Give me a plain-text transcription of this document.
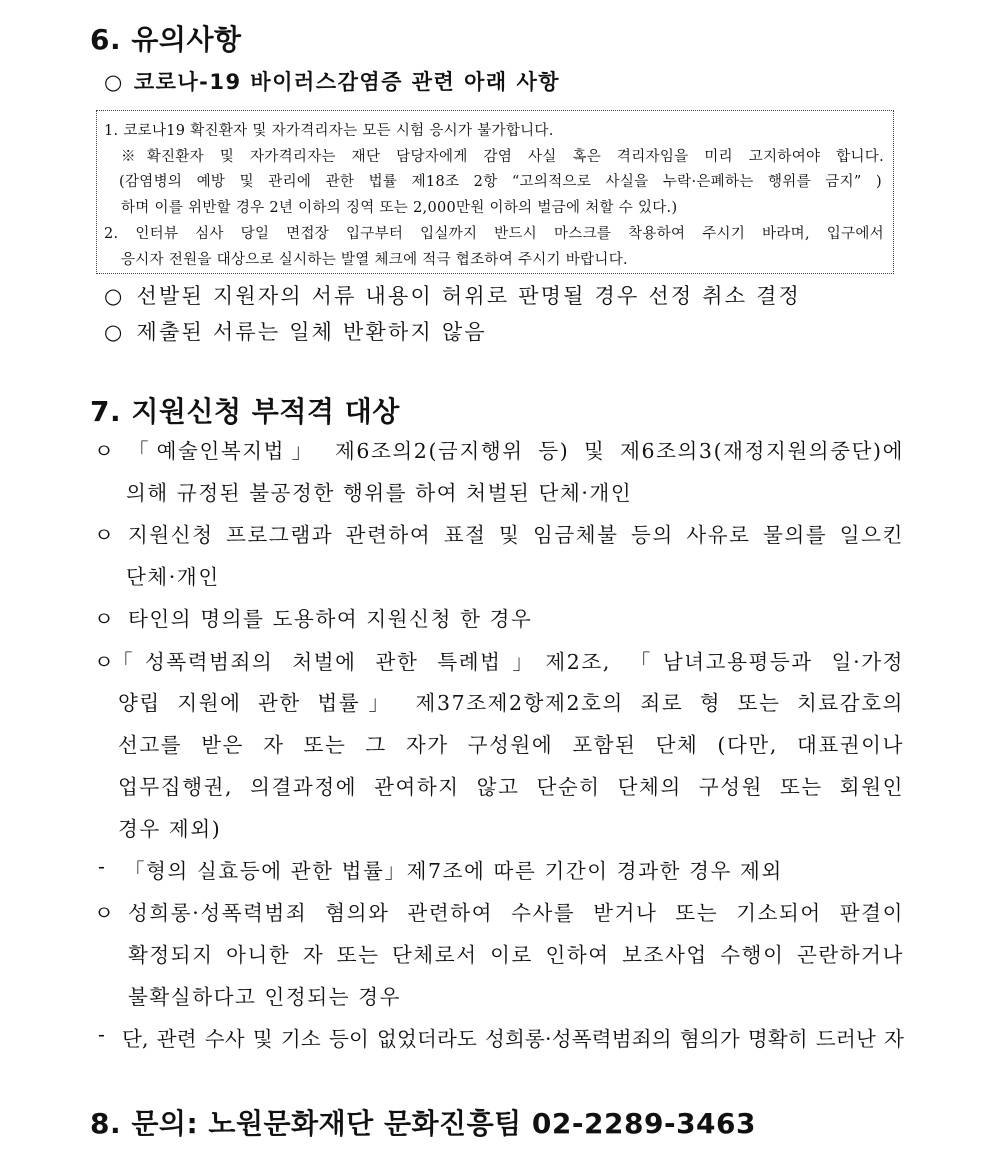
6. 유의사항
○ 코로나-19 바이러스감염증 관련 아래 사항
1. 코로나19 확진환자 및 자가격리자는 모든 시험 응시가 불가합니다.
※확진환자 및 자가격리자는 재단 담당자에게 감염 사실 혹은 격리자임을 미리 고지하여야 합니다.
(감염병의 예방 및 관리에 관한 법률 제18조 2항 “고의적으로 사실을 누락·은폐하는 행위를 금지” )
하며 이를 위반할 경우 2년 이하의 징역 또는 2,000만원 이하의 벌금에 처할 수 있다.)
2. 인터뷰 심사 당일 면접장 입구부터 입실까지 반드시 마스크를 착용하여 주시기 바라며, 입구에서
응시자 전원을 대상으로 실시하는 발열 체크에 적극 협조하여 주시기 바랍니다.
○ 선발된 지원자의 서류 내용이 허위로 판명될 경우 선정 취소 결정
○ 제출된 서류는 일체 반환하지 않음
7. 지원신청 부적격 대상
ㅇ 「예술인복지법」 제6조의2(금지행위 등) 및 제6조의3(재정지원의중단)에
의해 규정된 불공정한 행위를 하여 처벌된 단체·개인
ㅇ 지원신청 프로그램과 관련하여 표절 및 임금체불 등의 사유로 물의를 일으킨
단체·개인
ㅇ 타인의 명의를 도용하여 지원신청 한 경우
ㅇ
「성폭력범죄의 처벌에 관한 특례법」제2조, 「남녀고용평등과 일·가정
양립 지원에 관한 법률」 제37조제2항제2호의 죄로 형 또는 치료감호의
선고를 받은 자 또는 그 자가 구성원에 포함된 단체 (다만, 대표권이나
업무집행권, 의결과정에 관여하지 않고 단순히 단체의 구성원 또는 회원인
경우 제외)
- 「형의 실효등에 관한 법률」제7조에 따른 기간이 경과한 경우 제외
ㅇ 성희롱·성폭력범죄 혐의와 관련하여 수사를 받거나 또는 기소되어 판결이
확정되지 아니한 자 또는 단체로서 이로 인하여 보조사업 수행이 곤란하거나
불확실하다고 인정되는 경우
- 단, 관련 수사 및 기소 등이 없었더라도 성희롱·성폭력범죄의 혐의가 명확히 드러난 자
8. 문의: 노원문화재단 문화진흥팀 02-2289-3463
